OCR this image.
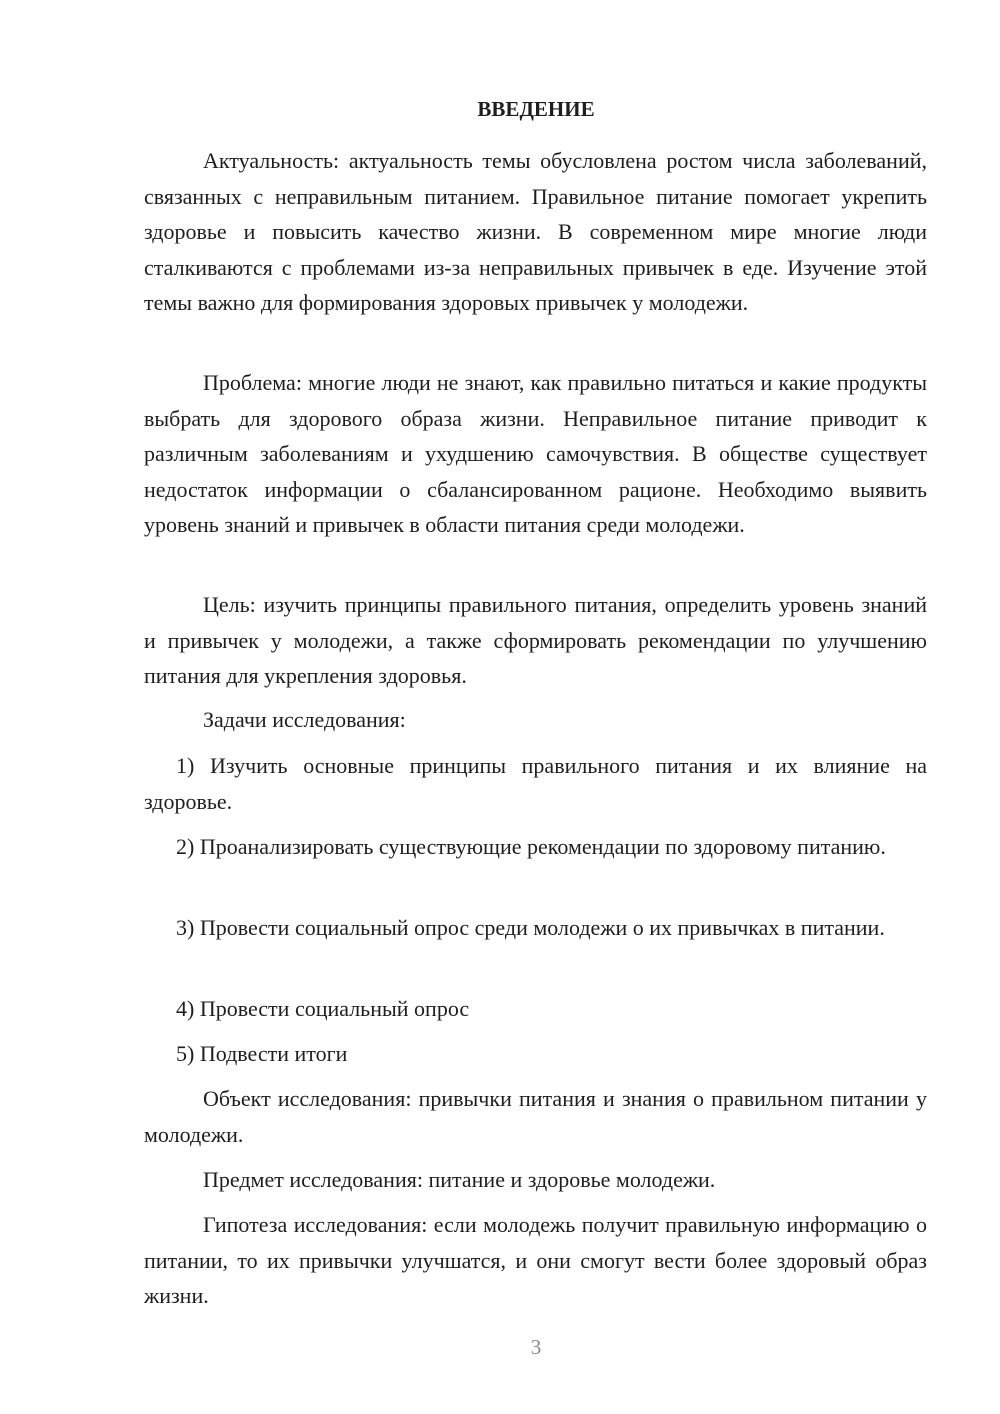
ВВЕДЕНИЕ

Актуальность: актуальность темы обусловлена ростом числа заболеваний, связанных с неправильным питанием. Правильное питание помогает укрепить здоровье и повысить качество жизни. В современном мире многие люди сталкиваются с проблемами из-за неправильных привычек в еде. Изучение этой темы важно для формирования здоровых привычек у молодежи.

Проблема: многие люди не знают, как правильно питаться и какие продукты выбрать для здорового образа жизни. Неправильное питание приводит к различным заболеваниям и ухудшению самочувствия. В обществе существует недостаток информации о сбалансированном рационе. Необходимо выявить уровень знаний и привычек в области питания среди молодежи.

Цель: изучить принципы правильного питания, определить уровень знаний и привычек у молодежи, а также сформировать рекомендации по улучшению питания для укрепления здоровья.

Задачи исследования:

1) Изучить основные принципы правильного питания и их влияние на здоровье.

2) Проанализировать существующие рекомендации по здоровому питанию.

3) Провести социальный опрос среди молодежи о их привычках в питании.

4) Провести социальный опрос

5) Подвести итоги

Объект исследования: привычки питания и знания о правильном питании у молодежи.

Предмет исследования: питание и здоровье молодежи.

Гипотеза исследования: если молодежь получит правильную информацию о питании, то их привычки улучшатся, и они смогут вести более здоровый образ жизни.

3
